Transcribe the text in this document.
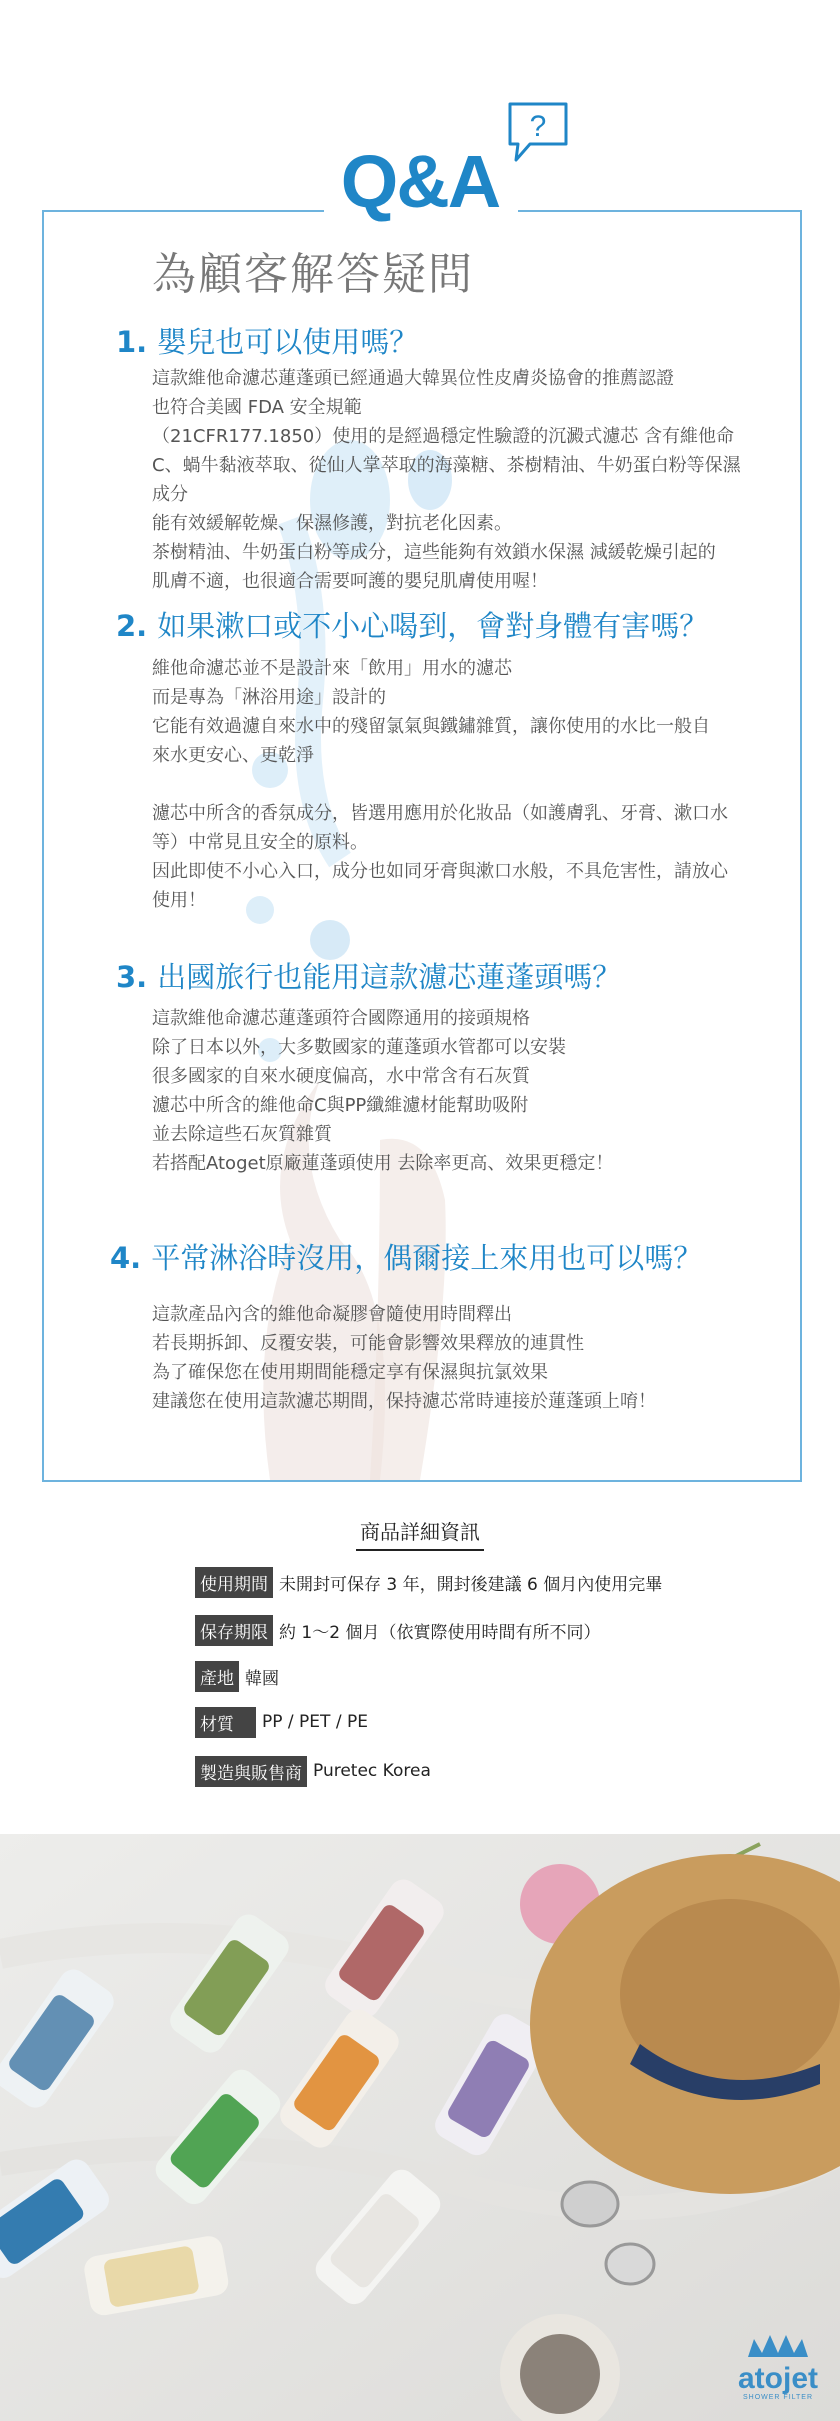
?
Q&A
為顧客解答疑問
1. 嬰兒也可以使用嗎？

這款維他命濾芯蓮蓬頭已經通過大韓異位性皮膚炎協會的推薦認證

也符合美國 FDA 安全規範

（21CFR177.1850）使用的是經過穩定性驗證的沉澱式濾芯 含有維他命

C、蝸牛黏液萃取、從仙人掌萃取的海藻糖、茶樹精油、牛奶蛋白粉等保濕

成分

能有效緩解乾燥、保濕修護，對抗老化因素。

茶樹精油、牛奶蛋白粉等成分，這些能夠有效鎖水保濕 減緩乾燥引起的

肌膚不適，也很適合需要呵護的嬰兒肌膚使用喔！

2. 如果漱口或不小心喝到，會對身體有害嗎？

維他命濾芯並不是設計來「飲用」用水的濾芯

而是專為「淋浴用途」設計的

它能有效過濾自來水中的殘留氯氣與鐵鏽雜質，讓你使用的水比一般自

來水更安心、更乾淨

濾芯中所含的香氛成分，皆選用應用於化妝品（如護膚乳、牙膏、漱口水

等）中常見且安全的原料。

因此即使不小心入口，成分也如同牙膏與漱口水般，不具危害性，請放心

使用！

3. 出國旅行也能用這款濾芯蓮蓬頭嗎？

這款維他命濾芯蓮蓬頭符合國際通用的接頭規格

除了日本以外，大多數國家的蓮蓬頭水管都可以安裝

很多國家的自來水硬度偏高，水中常含有石灰質

濾芯中所含的維他命C與PP纖維濾材能幫助吸附

並去除這些石灰質雜質

若搭配Atoget原廠蓮蓬頭使用 去除率更高、效果更穩定！

4. 平常淋浴時沒用，偶爾接上來用也可以嗎？

這款產品內含的維他命凝膠會隨使用時間釋出

若長期拆卸、反覆安裝，可能會影響效果釋放的連貫性

為了確保您在使用期間能穩定享有保濕與抗氯效果

建議您在使用這款濾芯期間，保持濾芯常時連接於蓮蓬頭上唷！

商品詳細資訊
使用期間 未開封可保存 3 年，開封後建議 6 個月內使用完畢
保存期限 約 1〜2 個月（依實際使用時間有所不同）
產地 韓國
材質	PP / PET / PE
製造與販售商 Puretec Korea
atojet
SHOWER FILTER
